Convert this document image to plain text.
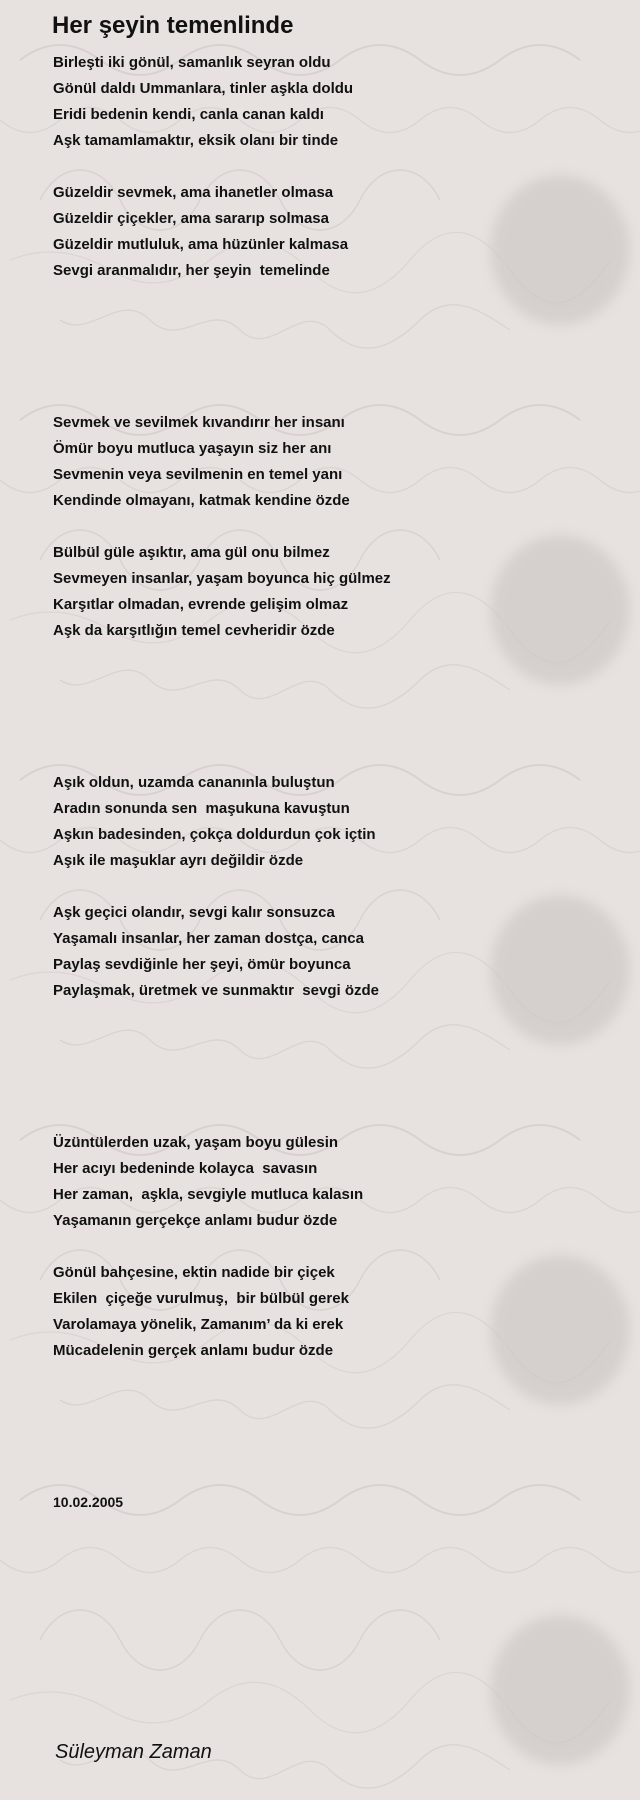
Her şeyin temenlinde
Birleşti iki gönül, samanlık seyran oldu
Gönül daldı Ummanlara, tinler aşkla doldu
Eridi bedenin kendi, canla canan kaldı
Aşk tamamlamaktır, eksik olanı bir tinde
Güzeldir sevmek, ama ihanetler olmasa
Güzeldir çiçekler, ama sararıp solmasa
Güzeldir mutluluk, ama hüzünler kalmasa
Sevgi aranmalıdır, her şeyin  temelinde
Sevmek ve sevilmek kıvandırır her insanı
Ömür boyu mutluca yaşayın siz her anı
Sevmenin veya sevilmenin en temel yanı
Kendinde olmayanı, katmak kendine özde
Bülbül güle aşıktır, ama gül onu bilmez
Sevmeyen insanlar, yaşam boyunca hiç gülmez
Karşıtlar olmadan, evrende gelişim olmaz
Aşk da karşıtlığın temel cevheridir özde
Aşık oldun, uzamda cananınla buluştun
Aradın sonunda sen  maşukuna kavuştun
Aşkın badesinden, çokça doldurdun çok içtin
Aşık ile maşuklar ayrı değildir özde
Aşk geçici olandır, sevgi kalır sonsuzca
Yaşamalı insanlar, her zaman dostça, canca
Paylaş sevdiğinle her şeyi, ömür boyunca
Paylaşmak, üretmek ve sunmaktır  sevgi özde
Üzüntülerden uzak, yaşam boyu gülesin
Her acıyı bedeninde kolayca  savasın
Her zaman,  aşkla, sevgiyle mutluca kalasın
Yaşamanın gerçekçe anlamı budur özde
Gönül bahçesine, ektin nadide bir çiçek
Ekilen  çiçeğe vurulmuş,  bir bülbül gerek
Varolamaya yönelik, Zamanım’ da ki erek
Mücadelenin gerçek anlamı budur özde
10.02.2005
Süleyman Zaman
